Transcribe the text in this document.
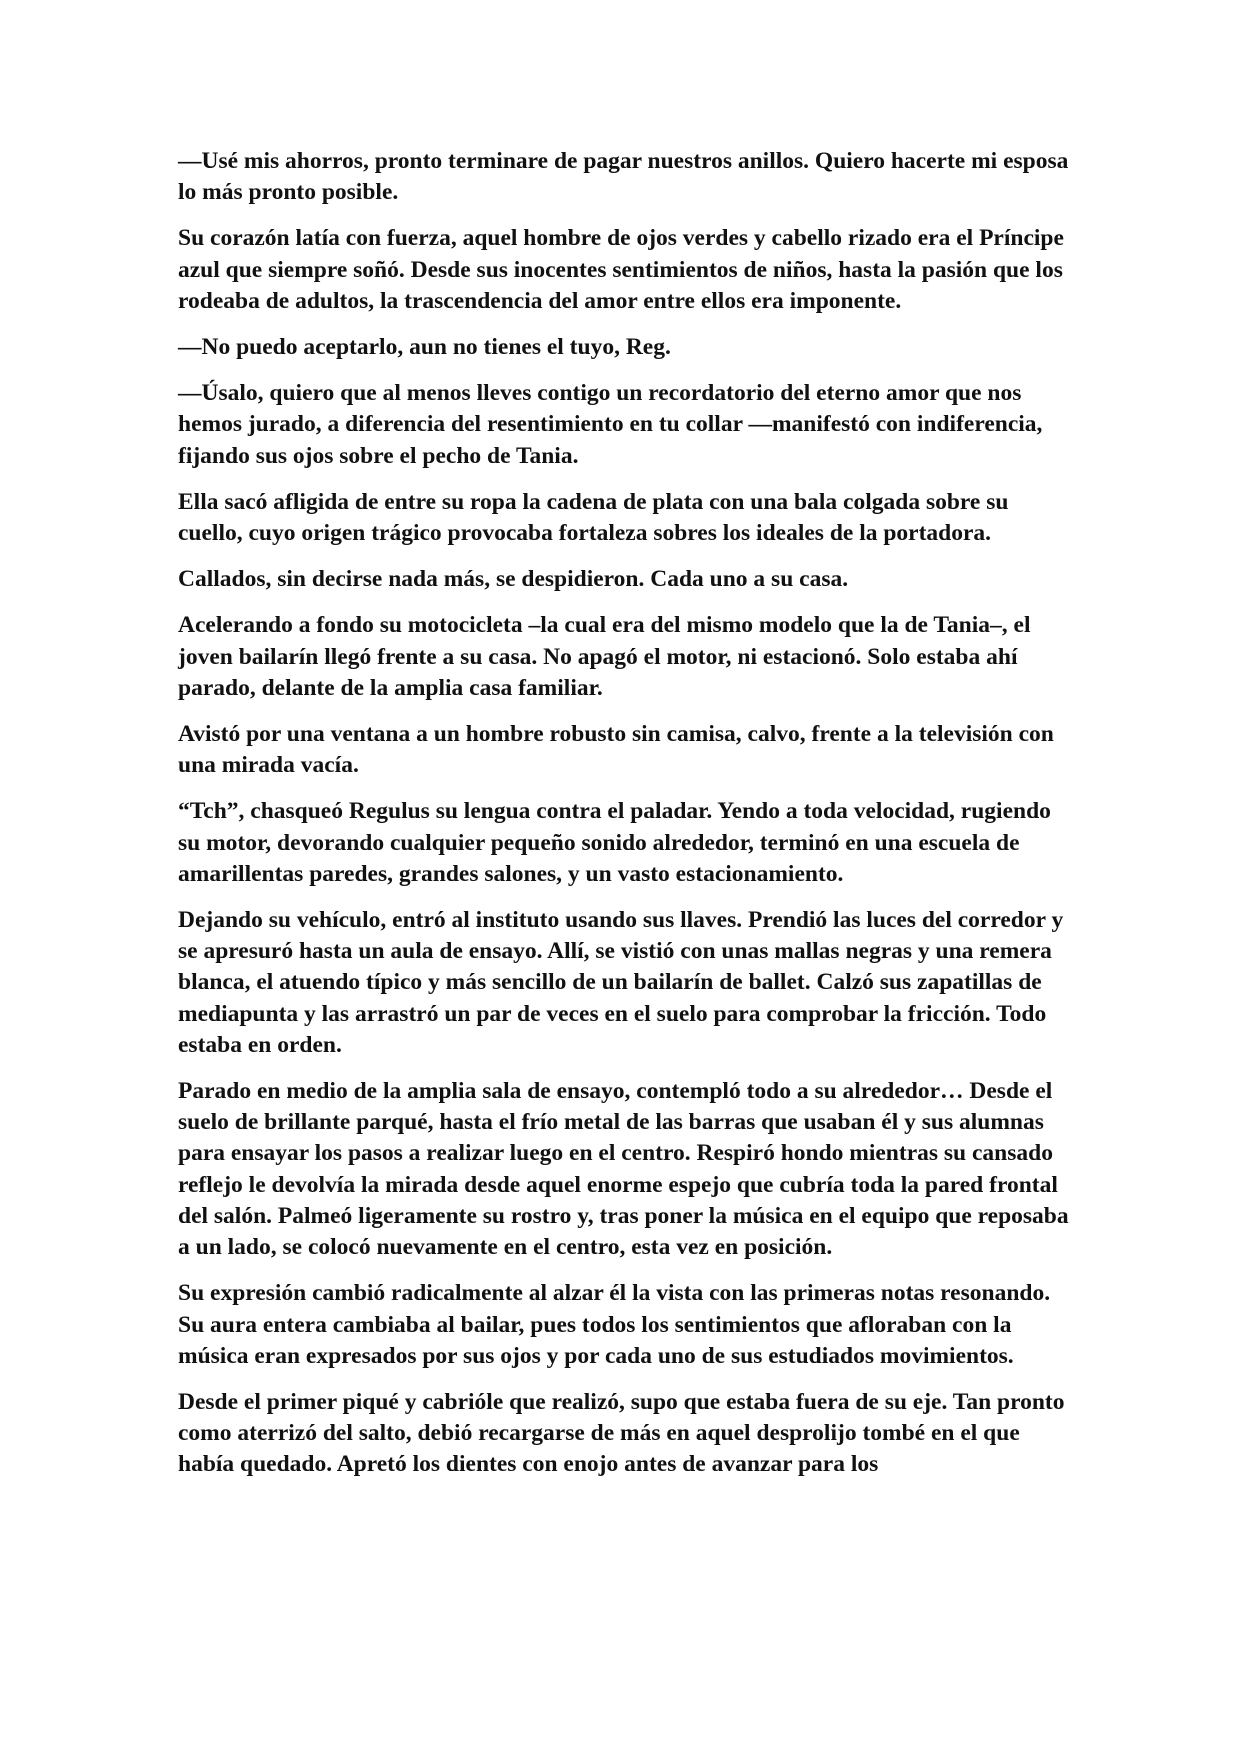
—Usé mis ahorros, pronto terminare de pagar nuestros anillos. Quiero hacerte mi esposa lo más pronto posible.

Su corazón latía con fuerza, aquel hombre de ojos verdes y cabello rizado era el Príncipe azul que siempre soñó. Desde sus inocentes sentimientos de niños, hasta la pasión que los rodeaba de adultos, la trascendencia del amor entre ellos era imponente.

—No puedo aceptarlo, aun no tienes el tuyo, Reg.

—Úsalo, quiero que al menos lleves contigo un recordatorio del eterno amor que nos hemos jurado, a diferencia del resentimiento en tu collar —manifestó con indiferencia, fijando sus ojos sobre el pecho de Tania.

Ella sacó afligida de entre su ropa la cadena de plata con una bala colgada sobre su cuello, cuyo origen trágico provocaba fortaleza sobres los ideales de la portadora.

Callados, sin decirse nada más, se despidieron. Cada uno a su casa.

Acelerando a fondo su motocicleta –la cual era del mismo modelo que la de Tania–, el joven bailarín llegó frente a su casa. No apagó el motor, ni estacionó. Solo estaba ahí parado, delante de la amplia casa familiar.

Avistó por una ventana a un hombre robusto sin camisa, calvo, frente a la televisión con una mirada vacía.

“Tch”, chasqueó Regulus su lengua contra el paladar. Yendo a toda velocidad, rugiendo su motor, devorando cualquier pequeño sonido alrededor, terminó en una escuela de amarillentas paredes, grandes salones, y un vasto estacionamiento.

Dejando su vehículo, entró al instituto usando sus llaves. Prendió las luces del corredor y se apresuró hasta un aula de ensayo. Allí, se vistió con unas mallas negras y una remera blanca, el atuendo típico y más sencillo de un bailarín de ballet. Calzó sus zapatillas de mediapunta y las arrastró un par de veces en el suelo para comprobar la fricción. Todo estaba en orden.

Parado en medio de la amplia sala de ensayo, contempló todo a su alrededor… Desde el suelo de brillante parqué, hasta el frío metal de las barras que usaban él y sus alumnas para ensayar los pasos a realizar luego en el centro. Respiró hondo mientras su cansado reflejo le devolvía la mirada desde aquel enorme espejo que cubría toda la pared frontal del salón. Palmeó ligeramente su rostro y, tras poner la música en el equipo que reposaba a un lado, se colocó nuevamente en el centro, esta vez en posición.

Su expresión cambió radicalmente al alzar él la vista con las primeras notas resonando. Su aura entera cambiaba al bailar, pues todos los sentimientos que afloraban con la música eran expresados por sus ojos y por cada uno de sus estudiados movimientos.

Desde el primer piqué y cabrióle que realizó, supo que estaba fuera de su eje. Tan pronto como aterrizó del salto, debió recargarse de más en aquel desprolijo tombé en el que había quedado. Apretó los dientes con enojo antes de avanzar para los
